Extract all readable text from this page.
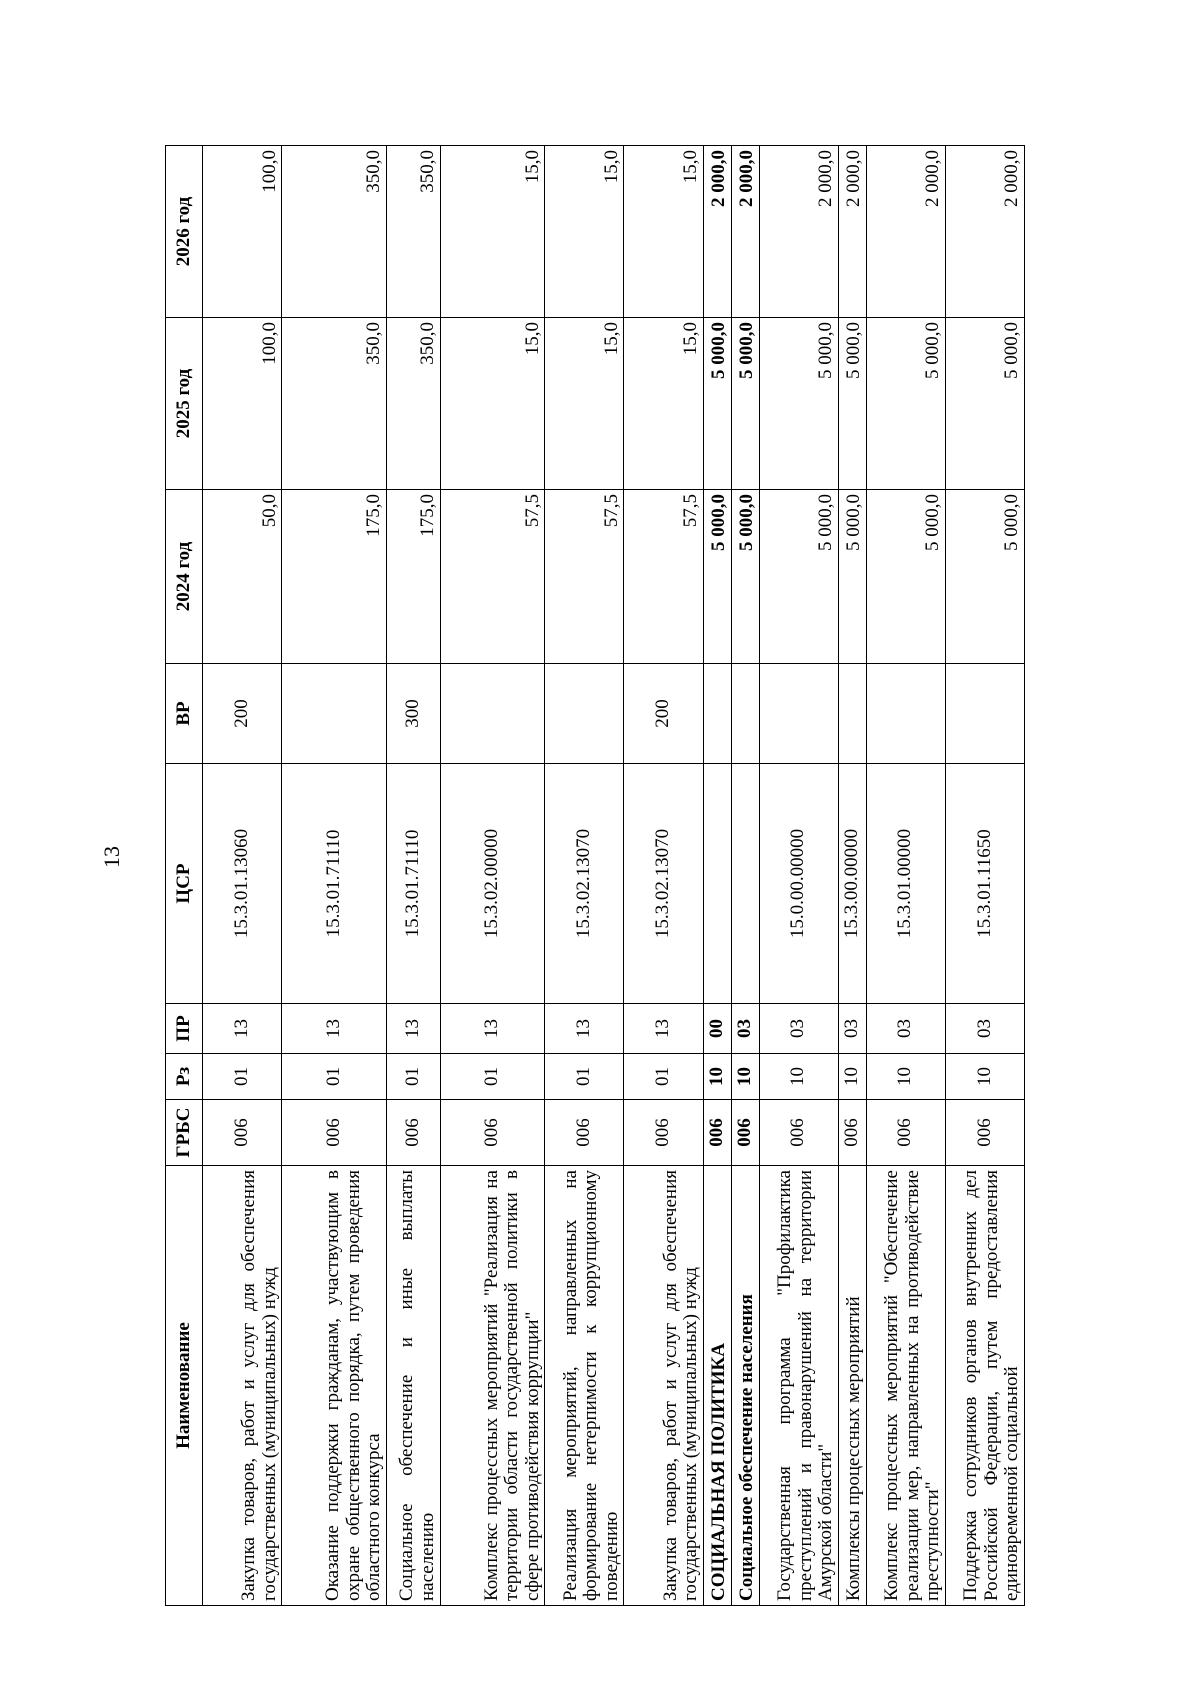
13
Наименование	ГРБС	Рз	ПР	ЦСР	ВР	2024 год	2025 год	2026 год
Закупка товаров, работ и услуг для обеспечения государственных (муниципальных) нужд	006	01	13	15.3.01.13060	200	50,0	100,0	100,0
Оказание поддержки гражданам, участвующим в охране общественного порядка, путем проведения областного конкурса	006	01	13	15.3.01.71110		175,0	350,0	350,0
Социальное обеспечение и иные выплаты населению	006	01	13	15.3.01.71110	300	175,0	350,0	350,0
Комплекс процессных мероприятий "Реализация на территории области государственной политики в сфере противодействия коррупции"	006	01	13	15.3.02.00000		57,5	15,0	15,0
Реализация мероприятий, направленных на формирование нетерпимости к коррупционному поведению	006	01	13	15.3.02.13070		57,5	15,0	15,0
Закупка товаров, работ и услуг для обеспечения государственных (муниципальных) нужд	006	01	13	15.3.02.13070	200	57,5	15,0	15,0
СОЦИАЛЬНАЯ ПОЛИТИКА	006	10	00			5 000,0	5 000,0	2 000,0
Социальное обеспечение населения	006	10	03			5 000,0	5 000,0	2 000,0
Государственная программа "Профилактика преступлений и правонарушений на территории Амурской области"	006	10	03	15.0.00.00000		5 000,0	5 000,0	2 000,0
Комплексы процессных мероприятий	006	10	03	15.3.00.00000		5 000,0	5 000,0	2 000,0
Комплекс процессных мероприятий "Обеспечение реализации мер, направленных на противодействие преступности"	006	10	03	15.3.01.00000		5 000,0	5 000,0	2 000,0
Поддержка сотрудников органов внутренних дел Российской Федерации, путем предоставления единовременной социальной	006	10	03	15.3.01.11650		5 000,0	5 000,0	2 000,0
